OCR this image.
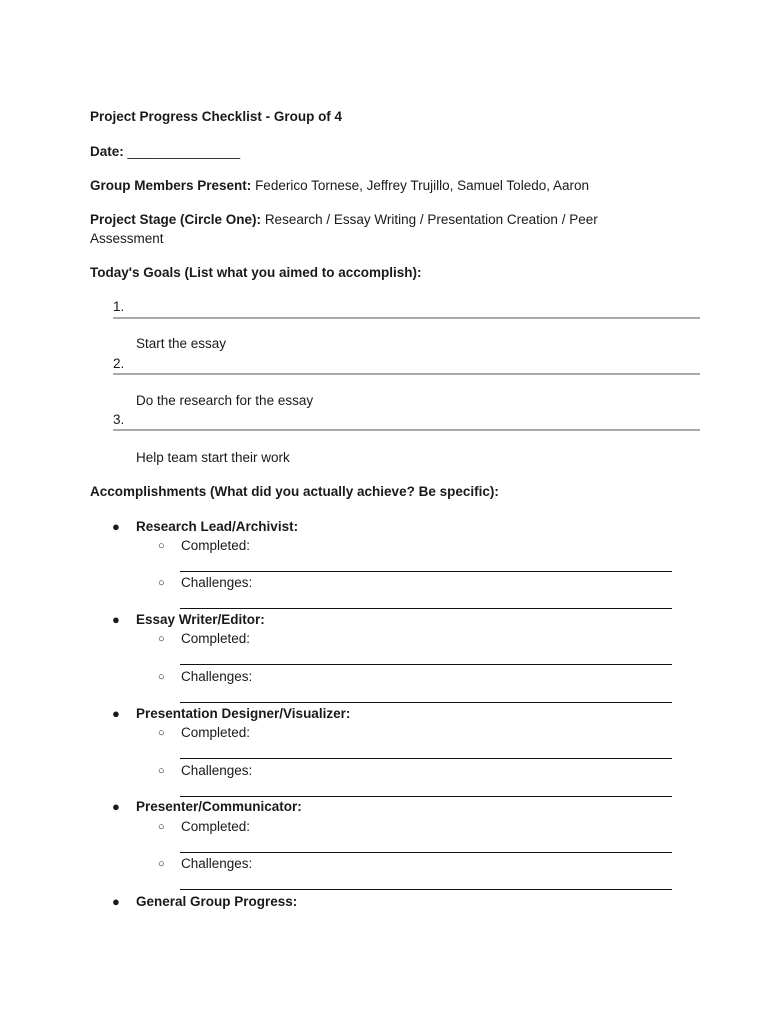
Project Progress Checklist - Group of 4
Date: _______________
Group Members Present: Federico Tornese, Jeffrey Trujillo, Samuel Toledo, Aaron
Project Stage (Circle One): Research / Essay Writing / Presentation Creation / Peer
Assessment
Today's Goals (List what you aimed to accomplish):
1.
Start the essay
2.
Do the research for the essay
3.
Help team start their work
Accomplishments (What did you actually achieve? Be specific):
● Research Lead/Archivist:
○ Completed:
○ Challenges:
● Essay Writer/Editor:
○ Completed:
○ Challenges:
● Presentation Designer/Visualizer:
○ Completed:
○ Challenges:
● Presenter/Communicator:
○ Completed:
○ Challenges:
● General Group Progress:
